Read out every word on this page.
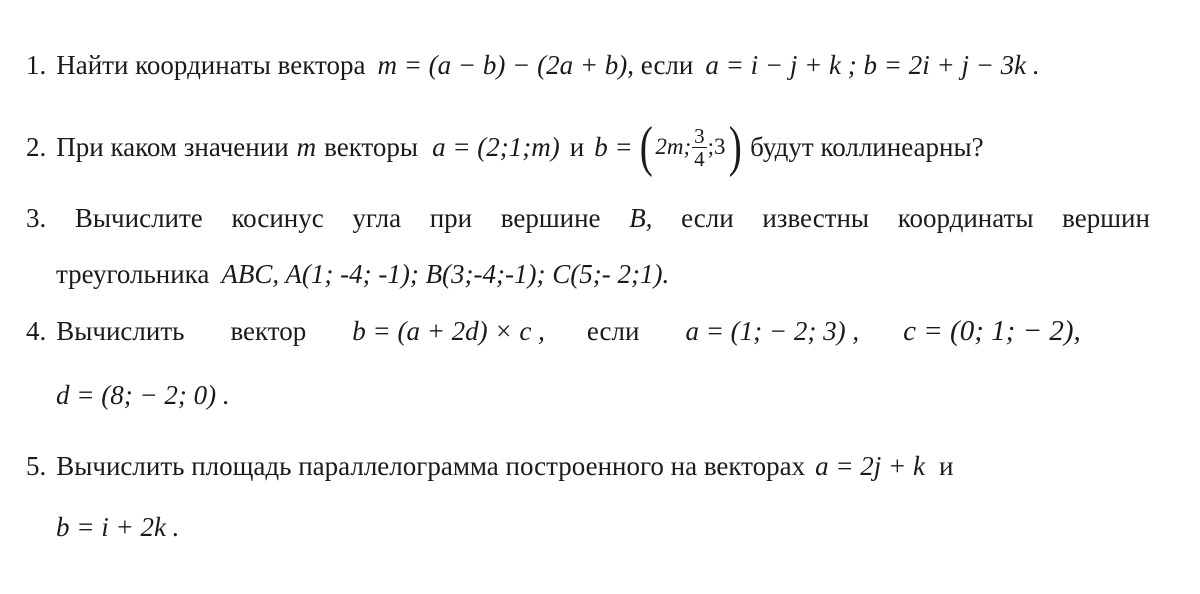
1. Найти координаты вектора m = (a − b) − (2a + b) , если a = i − j + k ; b = 2i + j − 3k .
2. При каком значении m векторы a = (2;1;m) и b = ( 2m; $\frac{3}{4}$ ;3 ) будут коллинеарны?
3. Вычислите косинус угла при вершине B, если известны координаты вершин
треугольника ABC, A(1; -4; -1); B(3;-4;-1); C(5;- 2;1).
4. Вычислить вектор b = (a + 2d) × c , если a = (1; − 2; 3) , c = (0; 1; − 2),
d = (8; − 2; 0) .
5. Вычислить площадь параллелограмма построенного на векторах a = 2j + k и
b = i + 2k .
